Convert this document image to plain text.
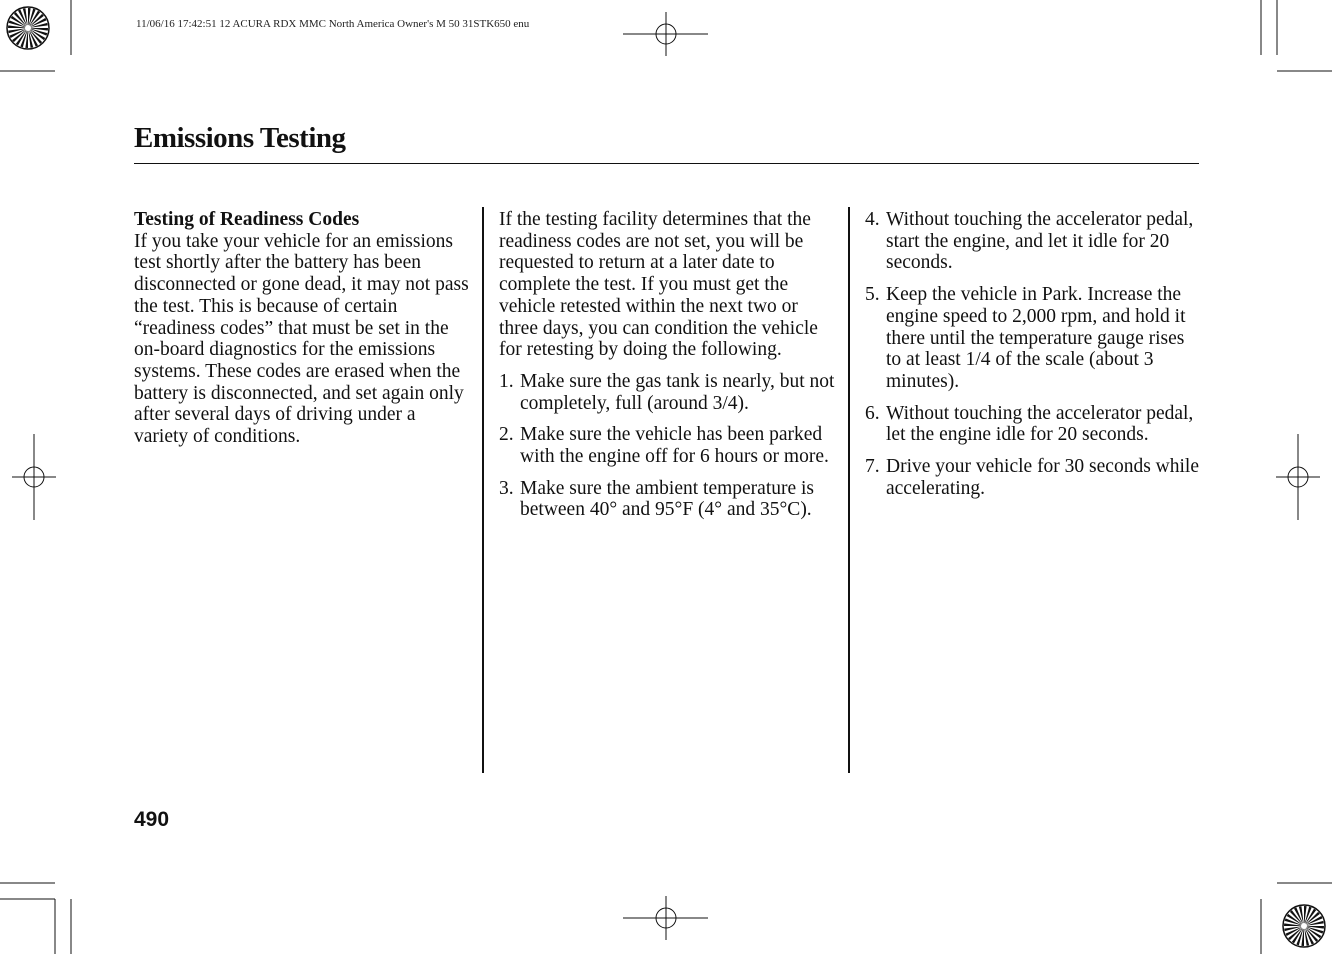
11/06/16 17:42:51 12 ACURA RDX MMC North America Owner's M 50 31STK650 enu
Emissions Testing

Testing of Readiness Codes

If you take your vehicle for an emissions test shortly after the battery has been disconnected or gone dead, it may not pass the test. This is because of certain “readiness codes” that must be set in the on-board diagnostics for the emissions systems. These codes are erased when the battery is disconnected, and set again only after several days of driving under a variety of conditions.

If the testing facility determines that the readiness codes are not set, you will be requested to return at a later date to complete the test. If you must get the vehicle retested within the next two or three days, you can condition the vehicle for retesting by doing the following.

1. Make sure the gas tank is nearly, but not completely, full (around 3/4).
2. Make sure the vehicle has been parked with the engine off for 6 hours or more.
3. Make sure the ambient temperature is between 40° and 95°F (4° and 35°C).
4. Without touching the accelerator pedal, start the engine, and let it idle for 20 seconds.
5. Keep the vehicle in Park. Increase the engine speed to 2,000 rpm, and hold it there until the temperature gauge rises to at least 1/4 of the scale (about 3 minutes).
6. Without touching the accelerator pedal, let the engine idle for 20 seconds.
7. Drive your vehicle for 30 seconds while accelerating.
490
